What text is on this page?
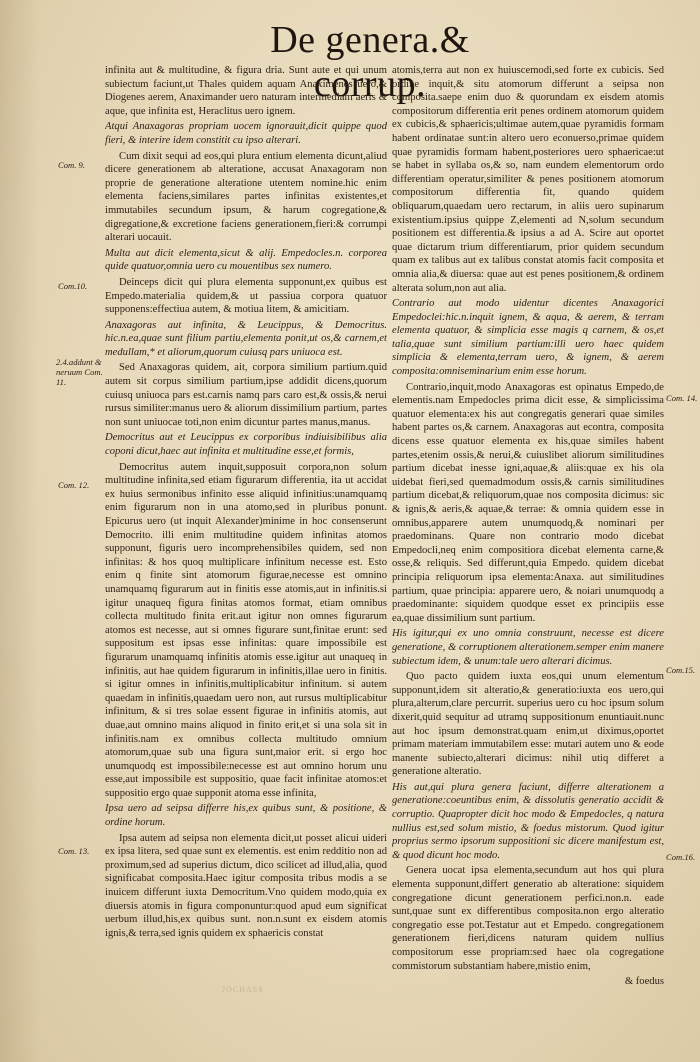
De genera.& corrup.

infinita aut & multitudine, & figura dria. Sunt aute et qui unum subiectum faciunt,ut Thales quidem aquam Anaximenes uero,& Diogenes aerem, Anaximander uero naturam intermediam aeris & aque, que infinita est, Heraclitus uero ignem.

Atqui Anaxagoras propriam uocem ignorauit,dicit quippe quod fieri, & interire idem constitit cu ipso alterari.

Cum dixit sequi ad eos,qui plura entium elementa dicunt,aliud dicere generationem ab alteratione, accusat Anaxagoram non proprie de generatione alteratione utentem nomine.hic enim elementa faciens,similares partes infinitas existentes,et immutabiles secundum ipsum, & harum cogregatione,& digregatione,& excretione faciens generationem,fieri:& corrumpi alterari uocauit.

Multa aut dicit elementa,sicut & alij. Empedocles.n. corporea quide quatuor,omnia uero cu mouentibus sex numero.

Deinceps dicit qui plura elementa supponunt,ex quibus est Empedo.materialia quidem,& ut passiua corpora quatuor supponens:effectiua autem, & motiua litem, & amicitiam.

Anaxagoras aut infinita, & Leucippus, & Democritus. hic.n.ea,quae sunt filium partiu,elementa ponit,ut os,& carnem,et medullam,* et aliorum,quorum cuiusq pars uniuoca est.

Sed Anaxagoras quidem, ait, corpora similium partium.quid autem sit corpus similium partium,ipse addidit dicens,quorum cuiusq uniuoca pars est.carnis namq pars caro est,& ossis,& nerui rursus similiter:manus uero & aliorum dissimilium partium, partes non sunt uniuocae toti,non enim dicuntur partes manus,manus.

Democritus aut et Leucippus ex corporibus indiuisibilibus alia coponi dicut,haec aut infinita et multitudine esse,et formis,

Democritus autem inquit,supposuit corpora,non solum multitudine infinita,sed etiam figurarum differentia, ita ut accidat ex huius sermonibus infinito esse aliquid infinitius:unamquamq enim figurarum non in una atomo,sed in pluribus ponunt. Epicurus uero (ut inquit Alexander)minime in hoc consenserunt Democrito. illi enim multitudine quidem infinitas atomos supponunt, figuris uero incomprehensibiles quidem, sed non infinitas: & hos quoq multiplicare infinitum necesse est. Esto enim q finite sint atomorum figurae,necesse est omnino unamquamq figurarum aut in finitis esse atomis,aut in infinitis.si igitur unaqueq figura finitas atomos format, etiam omnibus collecta multitudo finita erit.aut igitur non omnes figurarum atomos est necesse, aut si omnes figurare sunt,finitae erunt: sed suppositum est ipsas esse infinitas: quare impossibile est figurarum unamquamq infinitis atomis esse.igitur aut unaqueq in infinitis, aut hae quidem figurarum in infinitis,illae uero in finitis. si igitur omnes in infinitis,multiplicabitur infinitum. si autem quaedam in infinitis,quaedam uero non, aut rursus multiplicabitur infinitum, & si tres solae essent figurae in infinitis atomis, aut duae,aut omnino mains aliquod in finito erit,et si una sola sit in infinitis.nam ex omnibus collecta multitudo omnium atomorum,quae sub una figura sunt,maior erit. si ergo hoc unumquodq est impossibile:necesse est aut omnino horum unu esse,aut impossibile est suppositio, quae facit infinitae atomos:et suppositio ergo quae supponit atoma esse infinita,

Ipsa uero ad seipsa differre his,ex quibus sunt, & positione, & ordine horum.

Ipsa autem ad seipsa non elementa dicit,ut posset alicui uideri ex ipsa litera, sed quae sunt ex elementis. est enim redditio non ad proximum,sed ad superius dictum, dico scilicet ad illud,alia, quod significabat composita.Haec igitur composita tribus modis a se inuicem differunt iuxta Democritum.Vno quidem modo,quia ex diuersis atomis in figura componuntur:quod apud eum significat uerbum illud,his,ex quibus sunt. non.n.sunt ex eisdem atomis ignis,& terra,sed ignis quidem ex sphaericis constat

atomis,terra aut non ex huiuscemodi,sed forte ex cubicis. Sed ordine inquit,& situ atomorum differunt a seipsa non composita.saepe enim duo & quorundam ex eisdem atomis compositorum differentia erit penes ordinem atomorum quidem ex cubicis,& sphaericis;ultimae autem,quae pyramidis formam habent ordinatae sunt:in altero uero econuerso,primae quidem quae pyramidis formam habent,posteriores uero sphaericae:ut se habet in syllaba os,& so, nam eundem elementorum ordo differentiam operatur,similiter & penes positionem atomorum compositorum differentia fit, quando quidem obliquarum,quaedam uero rectarum, in aliis uero supinarum existentium.ipsius quippe Z,elementi ad N,solum secundum positionem est differentia.& ipsius a ad A. Scire aut oportet quae dictarum trium differentiarum, prior quidem secundum quam ex talibus aut ex talibus constat atomis facit composita et omnia alia,& diuersa: quae aut est penes positionem,& ordinem alterata solum,non aut alia.

Contrario aut modo uidentur dicentes Anaxagorici Empedoclei:hic.n.inquit ignem, & aqua, & aerem, & terram elementa quatuor, & simplicia esse magis q carnem, & os,et talia,quae sunt similium partium:illi uero haec quidem simplicia & elementa,terram uero, & ignem, & aerem composita:omniseminarium enim esse horum.

Contrario,inquit,modo Anaxagoras est opinatus Empedo,de elementis.nam Empedocles prima dicit esse, & simplicissima quatuor elementa:ex his aut congregatis generari quae similes habent partes os,& carnem. Anaxagoras aut econtra, composita dicens esse quatuor elementa ex his,quae similes habent partes,etenim ossis,& nerui,& cuiuslibet aliorum similitudines partium dicebat inesse igni,aquae,& aliis:quae ex his ola uidebat fieri,sed quemadmodum ossis,& carnis similitudines partium dicebat,& reliquorum,quae nos composita dicimus: sic & ignis,& aeris,& aquae,& terrae: & omnia quidem esse in omnibus,apparere autem unumquodq,& nominari per praedominans. Quare non contrario modo dicebat Empedocli,neq enim compositiora dicebat elementa carne,& osse,& reliquis. Sed differunt,quia Empedo. quidem dicebat principia reliquorum ipsa elementa:Anaxa. aut similitudines partium, quae principia: apparere uero, & noiari unumquodq a praedominante: siquidem quodque esset ex principiis esse ea,quae dissimilium sunt partium.

His igitur,qui ex uno omnia construunt, necesse est dicere generatione, & corruptionem alterationem.semper enim manere subiectum idem, & unum:tale uero alterari dicimus.

Quo pacto quidem iuxta eos,qui unum elementum supponunt,idem sit alteratio,& generatio:iuxta eos uero,qui plura,alterum,clare percurrit. superius uero cu hoc ipsum solum dixerit,quid sequitur ad utramq suppositionum enuntiauit.nunc aut hoc ipsum demonstrat.quam enim,ut diximus,oportet primam materiam immutabilem esse: mutari autem uno & eode manente subiecto,alterari dicimus: nihil utiq differet a generatione alteratio.

His aut,qui plura genera faciunt, differre alterationem a generatione:coeuntibus enim, & dissolutis generatio accidit & corruptio. Quapropter dicit hoc modo & Empedocles, q natura nullius est,sed solum mistio, & foedus mistorum. Quod igitur proprius sermo ipsorum suppositioni sic dicere manifestum est, & quod dicunt hoc modo.

Genera uocat ipsa elementa,secundum aut hos qui plura elementa supponunt,differt generatio ab alteratione: siquidem congregatione dicunt generationem perfici.non.n. eade sunt,quae sunt ex differentibus composita.non ergo alteratio congregatio esse pot.Testatur aut et Empedo. congregationem generationem fieri,dicens naturam quidem nullius compositorum esse propriam:sed haec ola cogregatione commistorum substantiam habere,mistio enim,

& foedus

Com. 9.
Com.10.
2.4.addunt & neruum Com. 11.
Com. 12.
Com. 13.
Com. 14.
Com.15.
Com.16.
JOCHASS
